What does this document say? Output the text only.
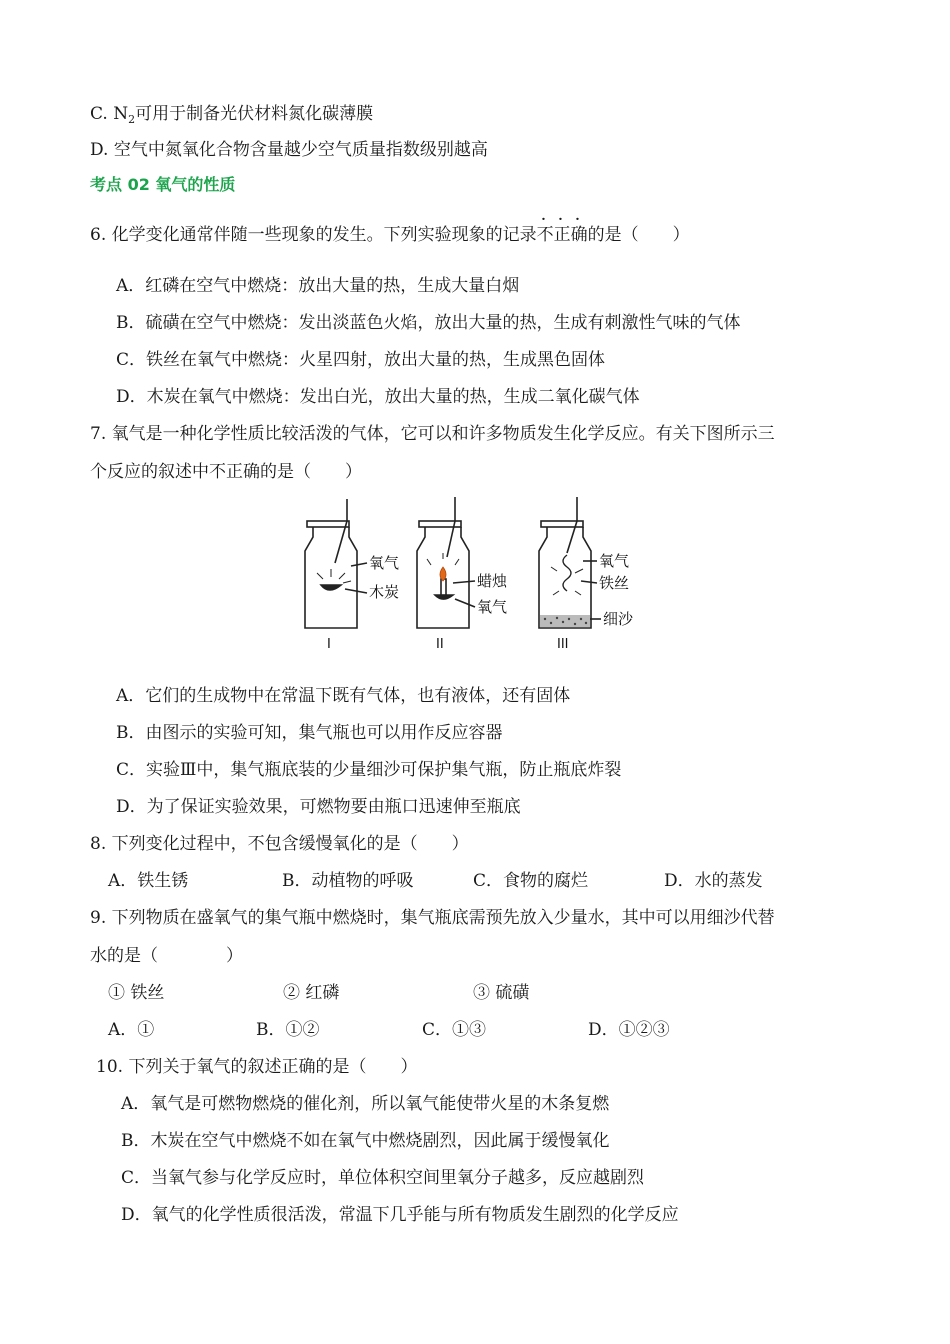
C. $N_2$可用于制备光伏材料氮化碳薄膜
D. 空气中氮氧化合物含量越少空气质量指数级别越高
考点 02 氧气的性质
6. 化学变化通常伴随一些现象的发生。下列实验现象的记录不正确的是（　　）
A．红磷在空气中燃烧：放出大量的热，生成大量白烟
B．硫磺在空气中燃烧：发出淡蓝色火焰，放出大量的热，生成有刺激性气味的气体
C．铁丝在氧气中燃烧：火星四射，放出大量的热，生成黑色固体
D．木炭在氧气中燃烧：发出白光，放出大量的热，生成二氧化碳气体
7. 氧气是一种化学性质比较活泼的气体，它可以和许多物质发生化学反应。有关下图所示三
个反应的叙述中不正确的是（　　）
氧气
木炭
蜡烛
氧气
氧气
铁丝
细沙
I	II	III
A．它们的生成物中在常温下既有气体，也有液体，还有固体
B．由图示的实验可知，集气瓶也可以用作反应容器
C．实验Ⅲ中，集气瓶底装的少量细沙可保护集气瓶，防止瓶底炸裂
D．为了保证实验效果，可燃物要由瓶口迅速伸至瓶底
8. 下列变化过程中，不包含缓慢氧化的是（　　）
A．铁生锈	B．动植物的呼吸	C．食物的腐烂	D．水的蒸发
9. 下列物质在盛氧气的集气瓶中燃烧时，集气瓶底需预先放入少量水，其中可以用细沙代替
水的是（　　　　）
① 铁丝	② 红磷	③ 硫磺
A．①	B．①②	C．①③	D．①②③
10. 下列关于氧气的叙述正确的是（　　）
A．氧气是可燃物燃烧的催化剂，所以氧气能使带火星的木条复燃
B．木炭在空气中燃烧不如在氧气中燃烧剧烈，因此属于缓慢氧化
C．当氧气参与化学反应时，单位体积空间里氧分子越多，反应越剧烈
D．氧气的化学性质很活泼，常温下几乎能与所有物质发生剧烈的化学反应
